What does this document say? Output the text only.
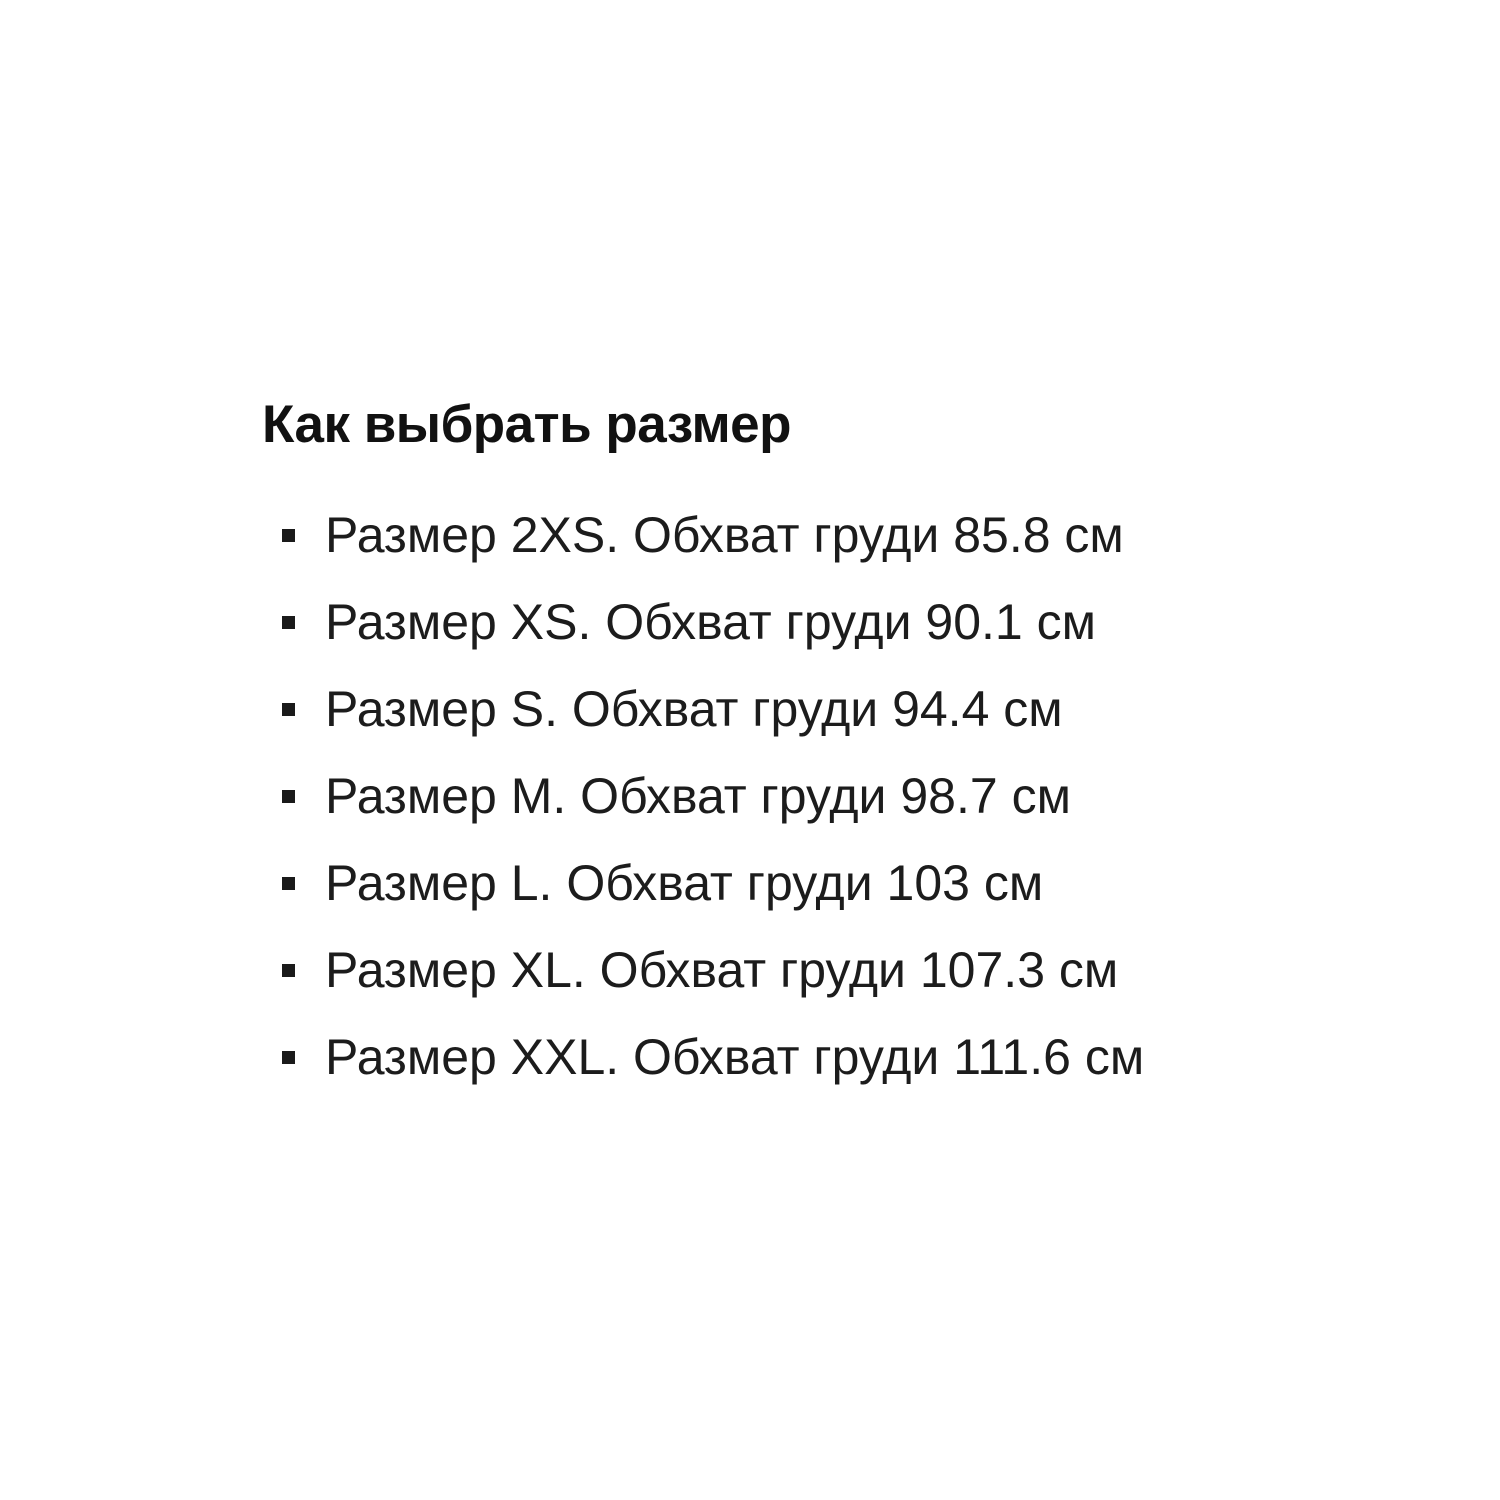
Как выбрать размер
Размер 2XS. Обхват груди 85.8 см
Размер XS. Обхват груди 90.1 см
Размер S. Обхват груди 94.4 см
Размер M. Обхват груди 98.7 см
Размер L. Обхват груди 103 см
Размер XL. Обхват груди 107.3 см
Размер XXL. Обхват груди 111.6 см
